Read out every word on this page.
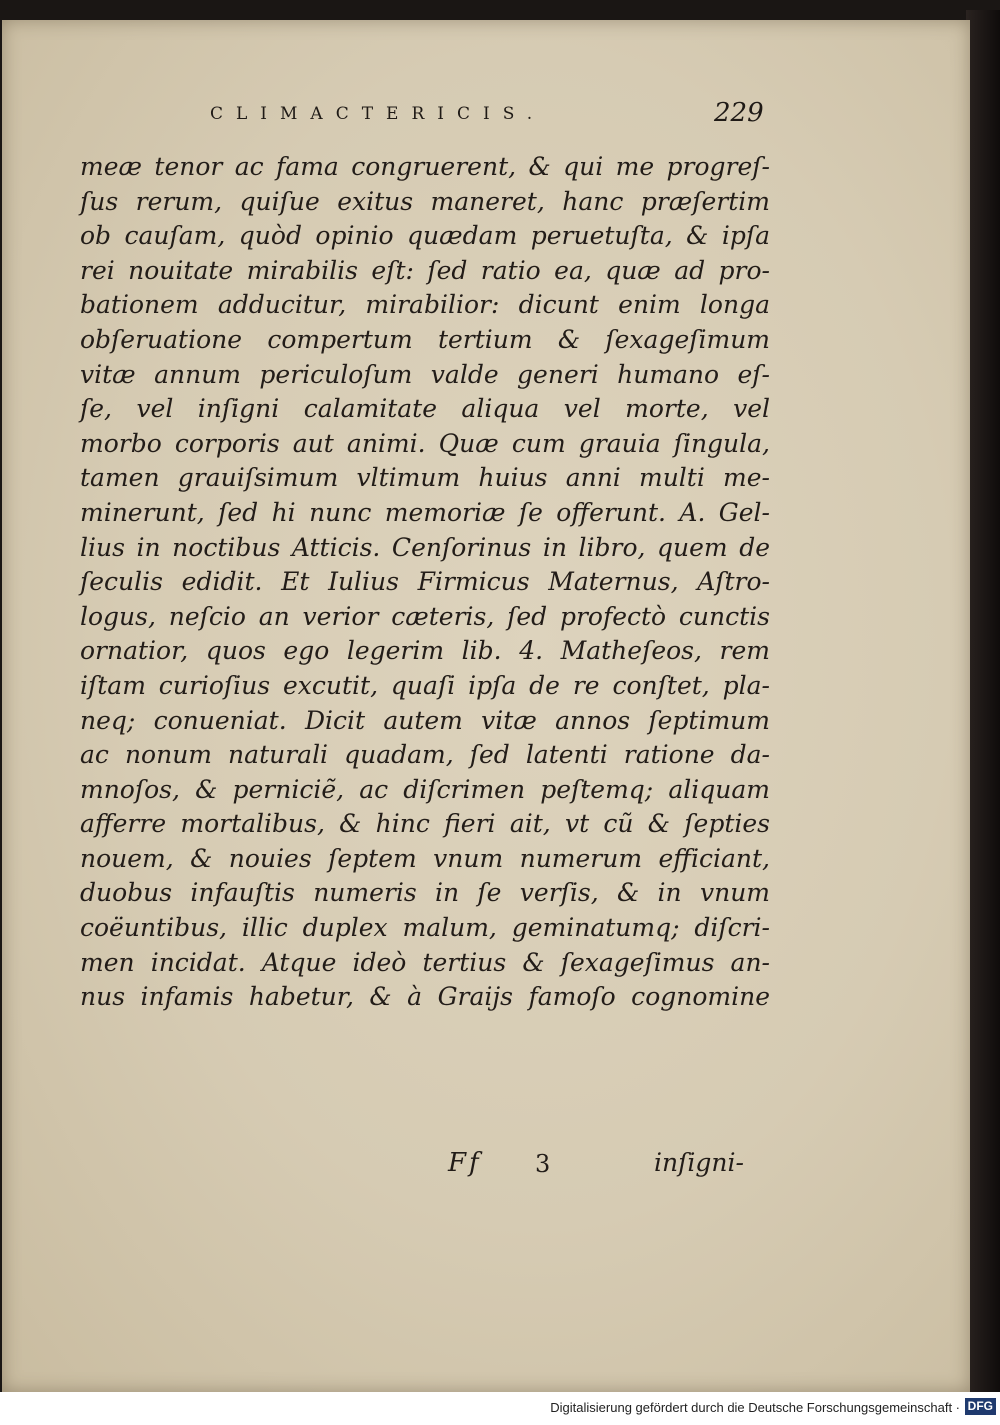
CLIMACTERICIS.	229
meæ tenor ac fama congruerent, & qui me progreſ-
ſus rerum, quiſue exitus maneret, hanc præſertim
ob cauſam, quòd opinio quædam peruetuſta, & ipſa
rei nouitate mirabilis eſt: ſed ratio ea, quæ ad pro-
bationem adducitur, mirabilior: dicunt enim longa
obſeruatione compertum tertium & ſexageſimum
vitæ annum periculoſum valde generi humano eſ-
ſe, vel inſigni calamitate aliqua vel morte, vel
morbo corporis aut animi. Quæ cum grauia ſingula,
tamen grauiſsimum vltimum huius anni multi me-
minerunt, ſed hi nunc memoriæ ſe offerunt. A. Gel-
lius in noctibus Atticis. Cenſorinus in libro, quem de
ſeculis edidit. Et Iulius Firmicus Maternus, Aſtro-
logus, neſcio an verior cæteris, ſed profectò cunctis
ornatior, quos ego legerim lib. 4. Matheſeos, rem
iſtam curioſius excutit, quaſi ipſa de re conſtet, pla-
neq; conueniat. Dicit autem vitæ annos ſeptimum
ac nonum naturali quadam, ſed latenti ratione da-
mnoſos, & perniciẽ, ac diſcrimen peſtemq; aliquam
afferre mortalibus, & hinc fieri ait, vt cũ & ſepties
nouem, & nouies ſeptem vnum numerum efficiant,
duobus infauſtis numeris in ſe verſis, & in vnum
coëuntibus, illic duplex malum, geminatumq; diſcri-
men incidat. Atque ideò tertius & ſexageſimus an-
nus infamis habetur, & à Graijs famoſo cognomine
Ff 3	inſigni-
Digitalisierung gefördert durch die Deutsche Forschungsgemeinschaft · DFG
